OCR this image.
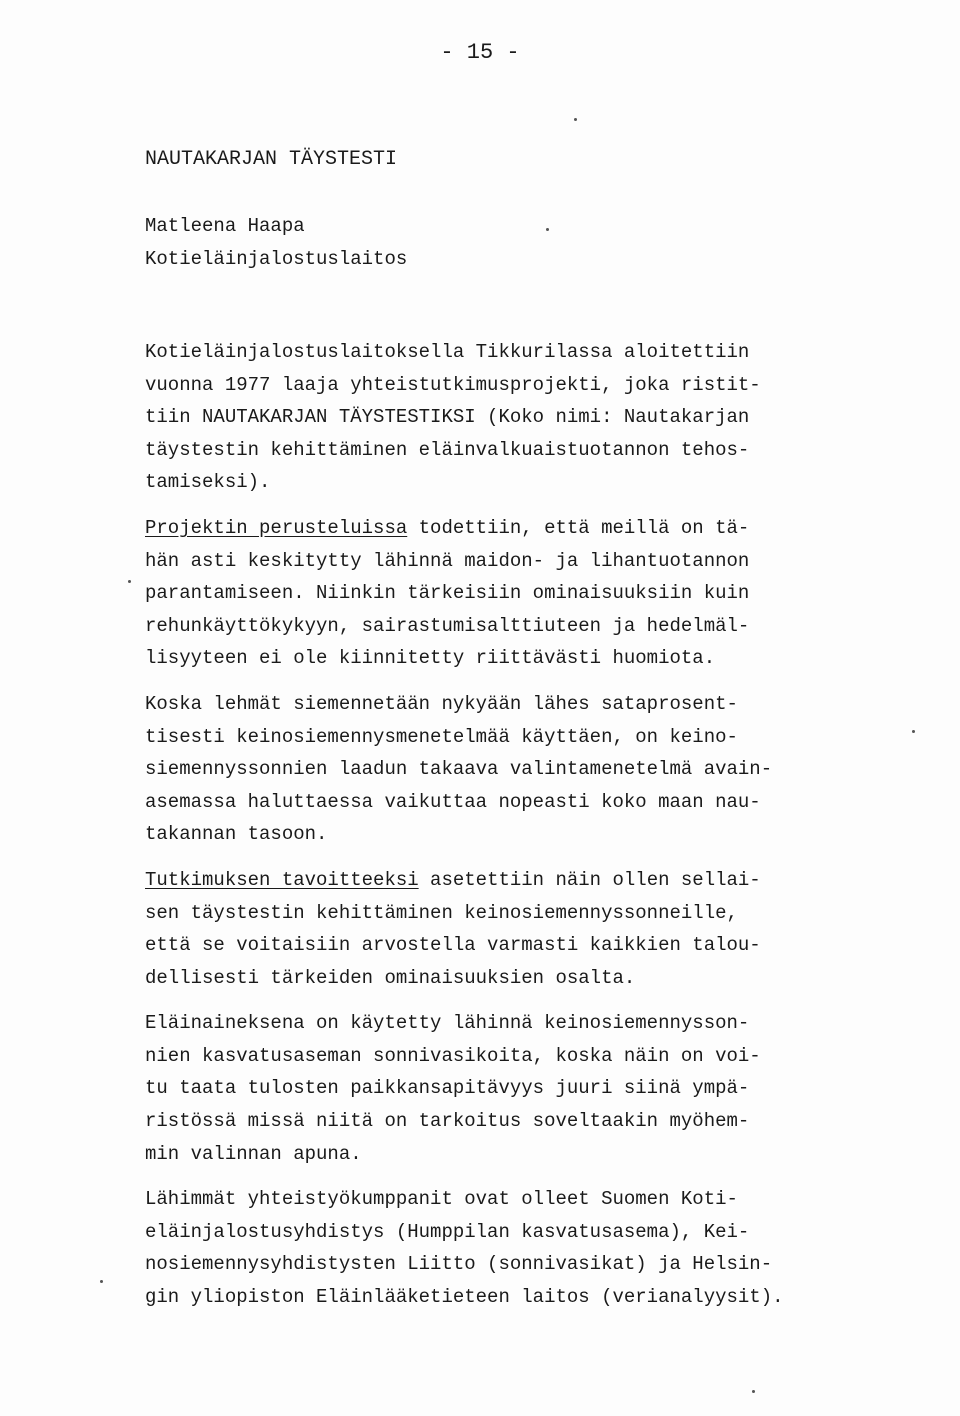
- 15 -
NAUTAKARJAN TÄYSTESTI
Matleena Haapa
Kotieläinjalostuslaitos
Kotieläinjalostuslaitoksella Tikkurilassa aloitettiin
vuonna 1977 laaja yhteistutkimusprojekti, joka ristit-
tiin NAUTAKARJAN TÄYSTESTIKSI (Koko nimi: Nautakarjan
täystestin kehittäminen eläinvalkuaistuotannon tehos-
tamiseksi).
Projektin perusteluissa todettiin, että meillä on tä-
hän asti keskitytty lähinnä maidon- ja lihantuotannon
parantamiseen. Niinkin tärkeisiin ominaisuuksiin kuin
rehunkäyttökykyyn, sairastumisalttiuteen ja hedelmäl-
lisyyteen ei ole kiinnitetty riittävästi huomiota.
Koska lehmät siemennetään nykyään lähes sataprosent-
tisesti keinosiemennysmenetelmää käyttäen, on keino-
siemennyssonnien laadun takaava valintamenetelmä avain-
asemassa haluttaessa vaikuttaa nopeasti koko maan nau-
takannan tasoon.
Tutkimuksen tavoitteeksi asetettiin näin ollen sellai-
sen täystestin kehittäminen keinosiemennyssonneille,
että se voitaisiin arvostella varmasti kaikkien talou-
dellisesti tärkeiden ominaisuuksien osalta.
Eläinaineksena on käytetty lähinnä keinosiemennysson-
nien kasvatusaseman sonnivasikoita, koska näin on voi-
tu taata tulosten paikkansapitävyys juuri siinä ympä-
ristössä missä niitä on tarkoitus soveltaakin myöhem-
min valinnan apuna.
Lähimmät yhteistyökumppanit ovat olleet Suomen Koti-
eläinjalostusyhdistys (Humppilan kasvatusasema), Kei-
nosiemennysyhdistysten Liitto (sonnivasikat) ja Helsin-
gin yliopiston Eläinlääketieteen laitos (verianalyysit).
